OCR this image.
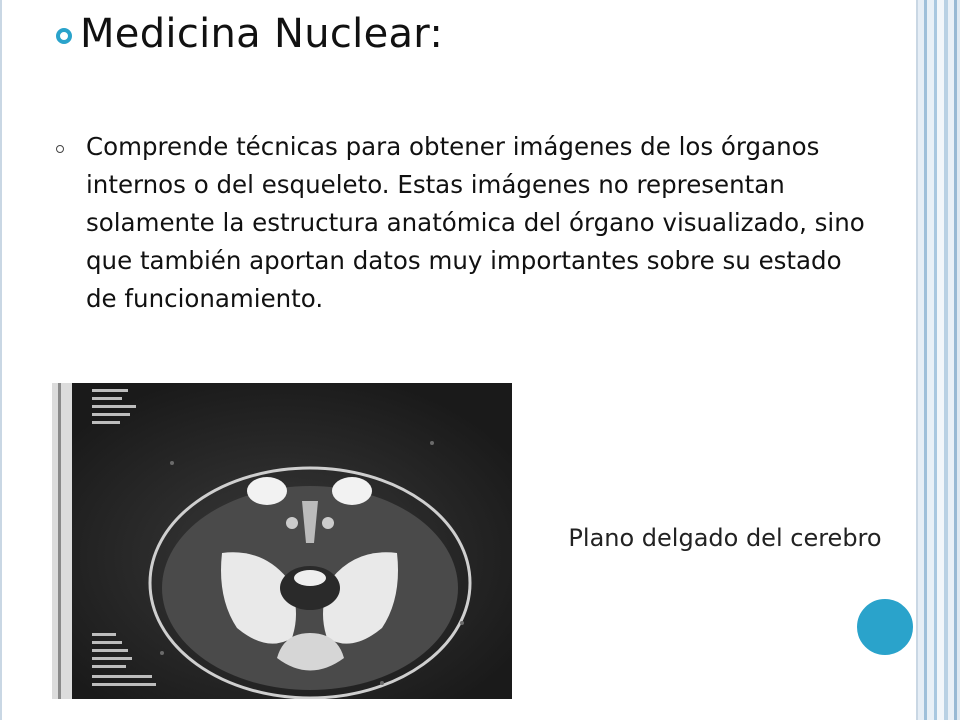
Medicina Nuclear:
Comprende técnicas para obtener imágenes de los órganos internos o del esqueleto. Estas imágenes no representan solamente la estructura anatómica del órgano visualizado, sino que también aportan datos muy importantes sobre su estado de funcionamiento.
Plano delgado del cerebro
